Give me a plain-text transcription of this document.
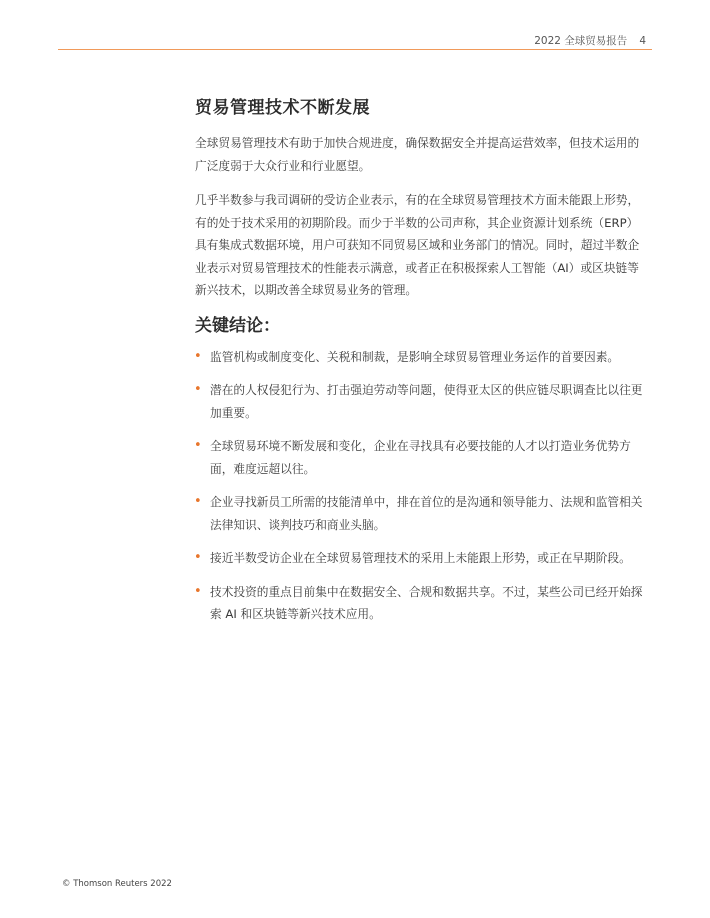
2022 全球贸易报告 4
贸易管理技术不断发展

全球贸易管理技术有助于加快合规进度，确保数据安全并提高运营效率，但技术运用的广泛度弱于大众行业和行业愿望。

几乎半数参与我司调研的受访企业表示，有的在全球贸易管理技术方面未能跟上形势，有的处于技术采用的初期阶段。而少于半数的公司声称，其企业资源计划系统（ERP）具有集成式数据环境，用户可获知不同贸易区域和业务部门的情况。同时，超过半数企业表示对贸易管理技术的性能表示满意，或者正在积极探索人工智能（AI）或区块链等新兴技术，以期改善全球贸易业务的管理。

关键结论：
• 监管机构或制度变化、关税和制裁，是影响全球贸易管理业务运作的首要因素。
• 潜在的人权侵犯行为、打击强迫劳动等问题，使得亚太区的供应链尽职调查比以往更加重要。
• 全球贸易环境不断发展和变化，企业在寻找具有必要技能的人才以打造业务优势方面，难度远超以往。
• 企业寻找新员工所需的技能清单中，排在首位的是沟通和领导能力、法规和监管相关法律知识、谈判技巧和商业头脑。
• 接近半数受访企业在全球贸易管理技术的采用上未能跟上形势，或正在早期阶段。
• 技术投资的重点目前集中在数据安全、合规和数据共享。不过，某些公司已经开始探索 AI 和区块链等新兴技术应用。
© Thomson Reuters 2022
